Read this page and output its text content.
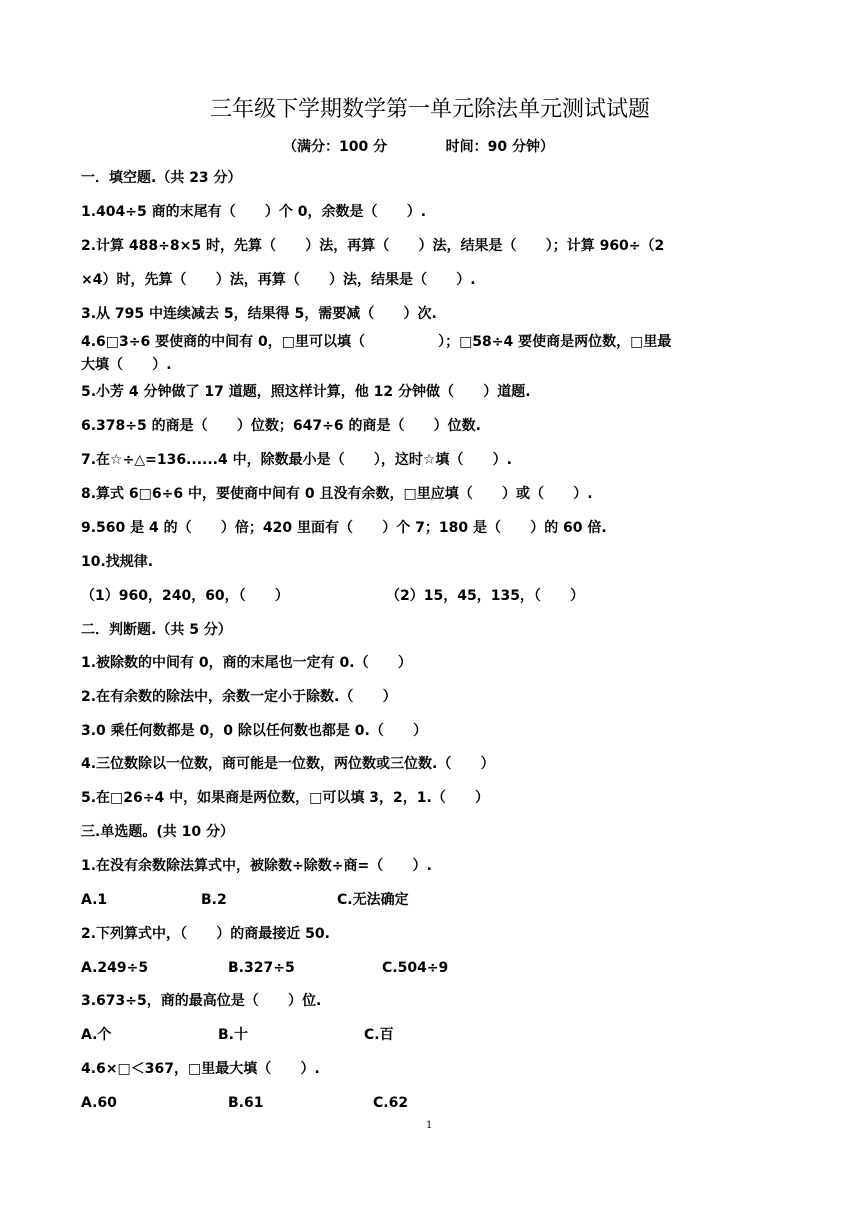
三年级下学期数学第一单元除法单元测试试题
（满分：100 分            时间：90 分钟）
一．填空题.（共 23 分）
1.404÷5 商的末尾有（      ）个 0，余数是（      ）.
2.计算 488÷8×5 时，先算（      ）法，再算（      ）法，结果是（      ）；计算 960÷（2
×4）时，先算（      ）法，再算（      ）法，结果是（      ）.
3.从 795 中连续减去 5，结果得 5，需要减（      ）次.
4.6□3÷6 要使商的中间有 0，□里可以填（               ）；□58÷4 要使商是两位数，□里最
大填（      ）.
5.小芳 4 分钟做了 17 道题，照这样计算，他 12 分钟做（      ）道题.
6.378÷5 的商是（      ）位数；647÷6 的商是（      ）位数.
7.在☆÷△=136......4 中，除数最小是（      ），这时☆填（      ）.
8.算式 6□6÷6 中，要使商中间有 0 且没有余数，□里应填（      ）或（      ）.
9.560 是 4 的（      ）倍；420 里面有（      ）个 7；180 是（      ）的 60 倍.
10.找规律.
（1）960，240，60，（      ）	（2）15，45，135，（      ）
二．判断题.（共 5 分）
1.被除数的中间有 0，商的末尾也一定有 0.（      ）
2.在有余数的除法中，余数一定小于除数.（      ）
3.0 乘任何数都是 0，0 除以任何数也都是 0.（      ）
4.三位数除以一位数，商可能是一位数，两位数或三位数.（      ）
5.在□26÷4 中，如果商是两位数，□可以填 3，2，1.（      ）
三.单选题。(共 10 分）
1.在没有余数除法算式中，被除数÷除数÷商=（      ）.
A.1	B.2	C.无法确定
2.下列算式中，（      ）的商最接近 50.
A.249÷5	B.327÷5	C.504÷9
3.673÷5，商的最高位是（      ）位.
A.个	B.十	C.百
4.6×□＜367，□里最大填（      ）.
A.60	B.61	C.62
1
